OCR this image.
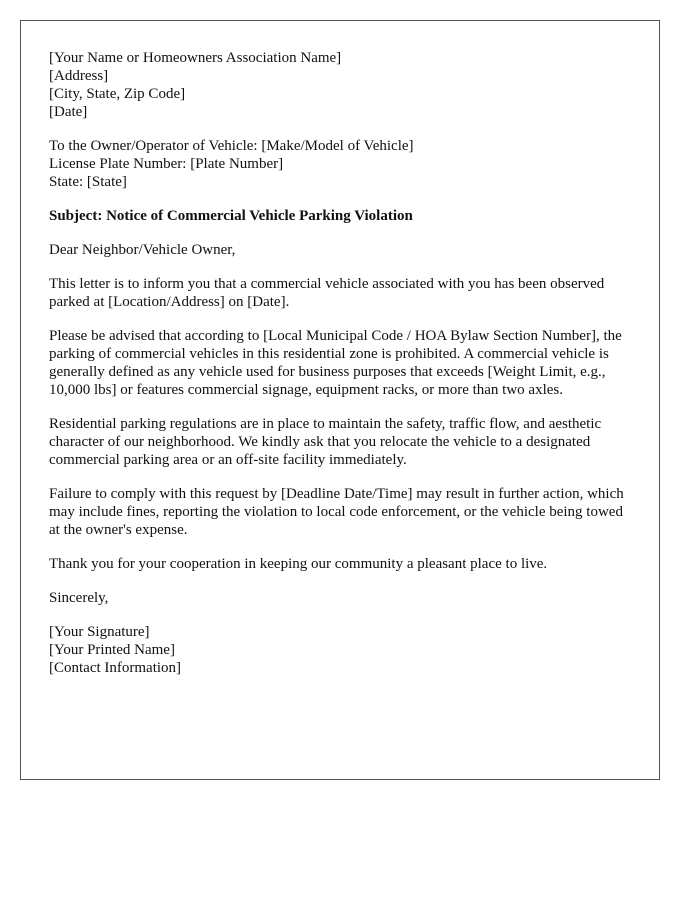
[Your Name or Homeowners Association Name]
[Address]
[City, State, Zip Code]
[Date]
To the Owner/Operator of Vehicle: [Make/Model of Vehicle]
License Plate Number: [Plate Number]
State: [State]

Subject: Notice of Commercial Vehicle Parking Violation

Dear Neighbor/Vehicle Owner,

This letter is to inform you that a commercial vehicle associated with you has been observed parked at [Location/Address] on [Date].

Please be advised that according to [Local Municipal Code / HOA Bylaw Section Number], the parking of commercial vehicles in this residential zone is prohibited. A commercial vehicle is generally defined as any vehicle used for business purposes that exceeds [Weight Limit, e.g., 10,000 lbs] or features commercial signage, equipment racks, or more than two axles.

Residential parking regulations are in place to maintain the safety, traffic flow, and aesthetic character of our neighborhood. We kindly ask that you relocate the vehicle to a designated commercial parking area or an off-site facility immediately.

Failure to comply with this request by [Deadline Date/Time] may result in further action, which may include fines, reporting the violation to local code enforcement, or the vehicle being towed at the owner's expense.

Thank you for your cooperation in keeping our community a pleasant place to live.

Sincerely,

[Your Signature]
[Your Printed Name]
[Contact Information]
